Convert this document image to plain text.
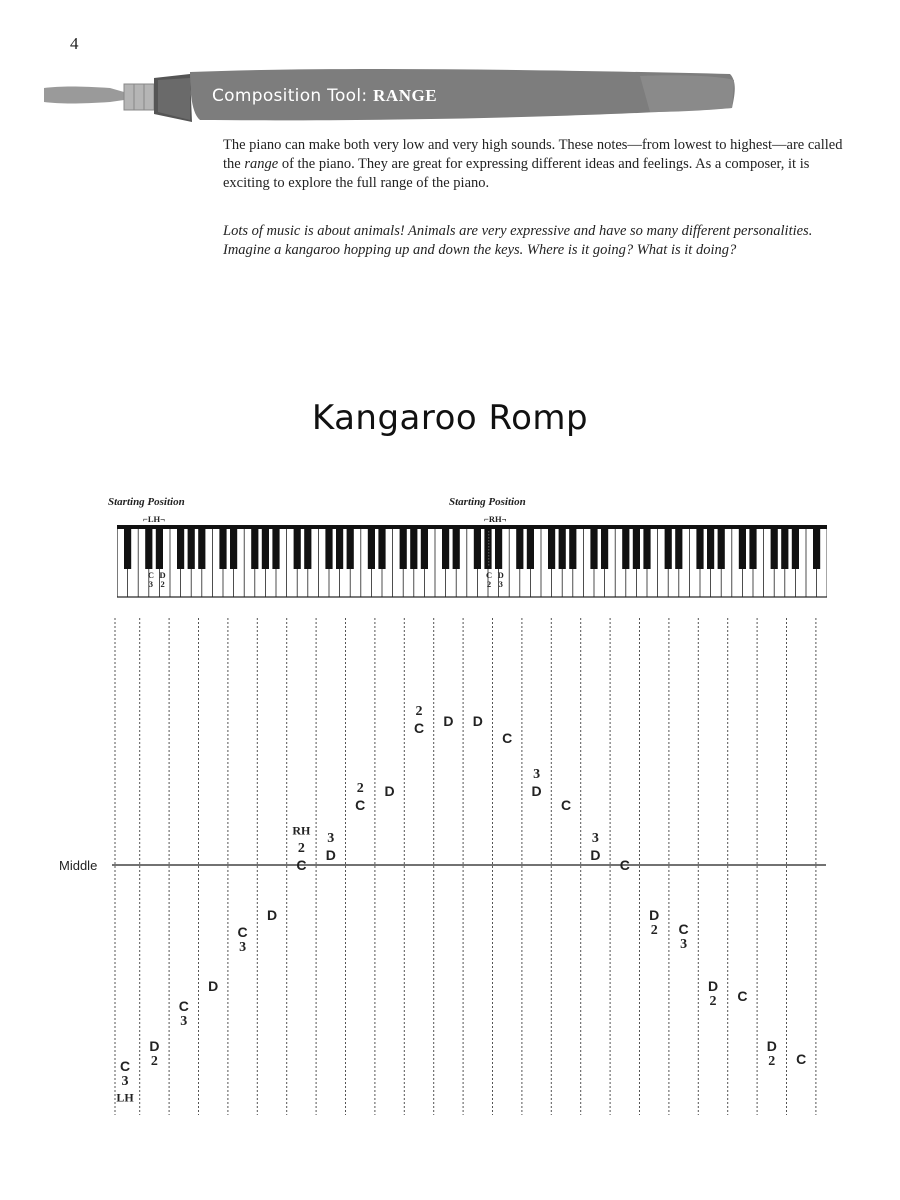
4
Composition Tool: RANGE

The piano can make both very low and very high sounds. These notes—from lowest to highest—are called the range of the piano. They are great for expressing different ideas and feelings. As a composer, it is exciting to explore the full range of the piano.

Lots of music is about animals! Animals are very expressive and have so many different personalities. Imagine a kangaroo hopping up and down the keys. Where is it going? What is it doing?

Kangaroo Romp
Starting Position
⌐LH¬
Starting Position
⌐RH¬
C
3
D
2
C
2
D
3
Middle
C
3
D
2
C
3
D
C
3
D
C
2 D
3
C
2 D
C
2
D D
C
D
3
C
D
3
C
D
2 C
3
D
2 C
D
2 C
LH
RH
